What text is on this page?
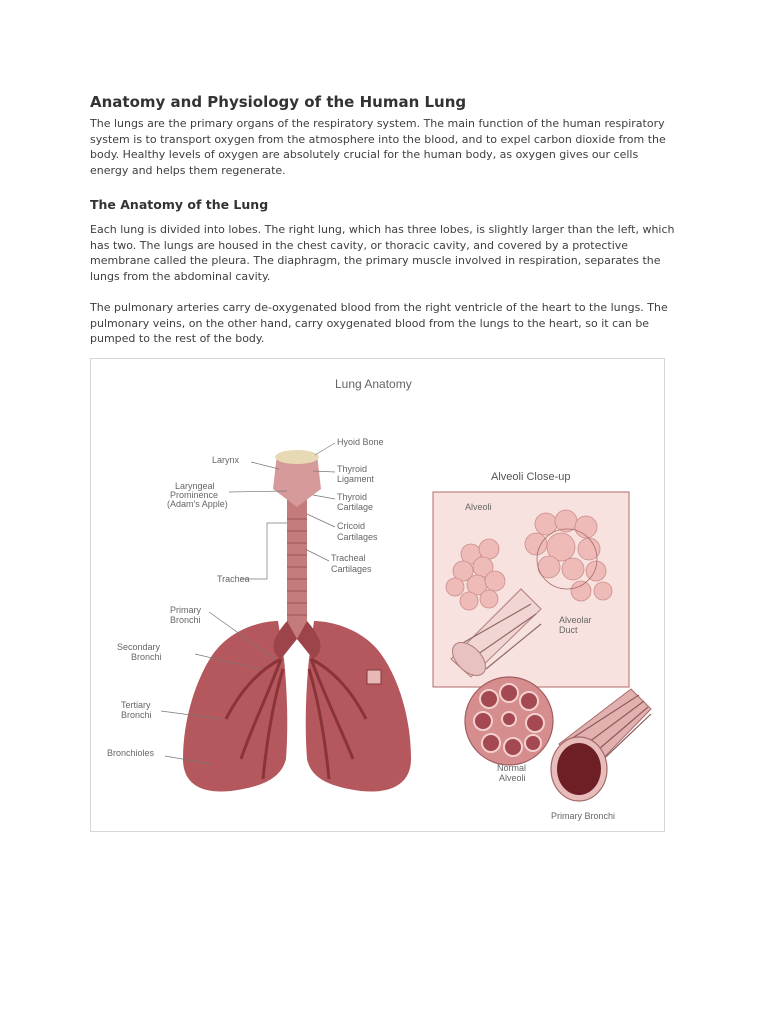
Anatomy and Physiology of the Human Lung

The lungs are the primary organs of the respiratory system. The main function of the human respiratory system is to transport oxygen from the atmosphere into the blood, and to expel carbon dioxide from the body. Healthy levels of oxygen are absolutely crucial for the human body, as oxygen gives our cells energy and helps them regenerate.

The Anatomy of the Lung

Each lung is divided into lobes. The right lung, which has three lobes, is slightly larger than the left, which has two. The lungs are housed in the chest cavity, or thoracic cavity, and covered by a protective membrane called the pleura. The diaphragm, the primary muscle involved in respiration, separates the lungs from the abdominal cavity.

The pulmonary arteries carry de-oxygenated blood from the right ventricle of the heart to the lungs. The pulmonary veins, on the other hand, carry oxygenated blood from the lungs to the heart, so it can be pumped to the rest of the body.

Lung Anatomy
Hyoid Bone
Larynx
Thyroid
Ligament
Laryngeal
Prominence
(Adam's Apple)
Thyroid
Cartilage
Cricoid
Cartilages
Tracheal
Cartilages
Trachea
Primary
Bronchi
Secondary
Bronchi
Tertiary
Bronchi
Bronchioles
Alveoli Close-up
Alveoli
Alveolar
Duct
Normal
Alveoli
Primary Bronchi
